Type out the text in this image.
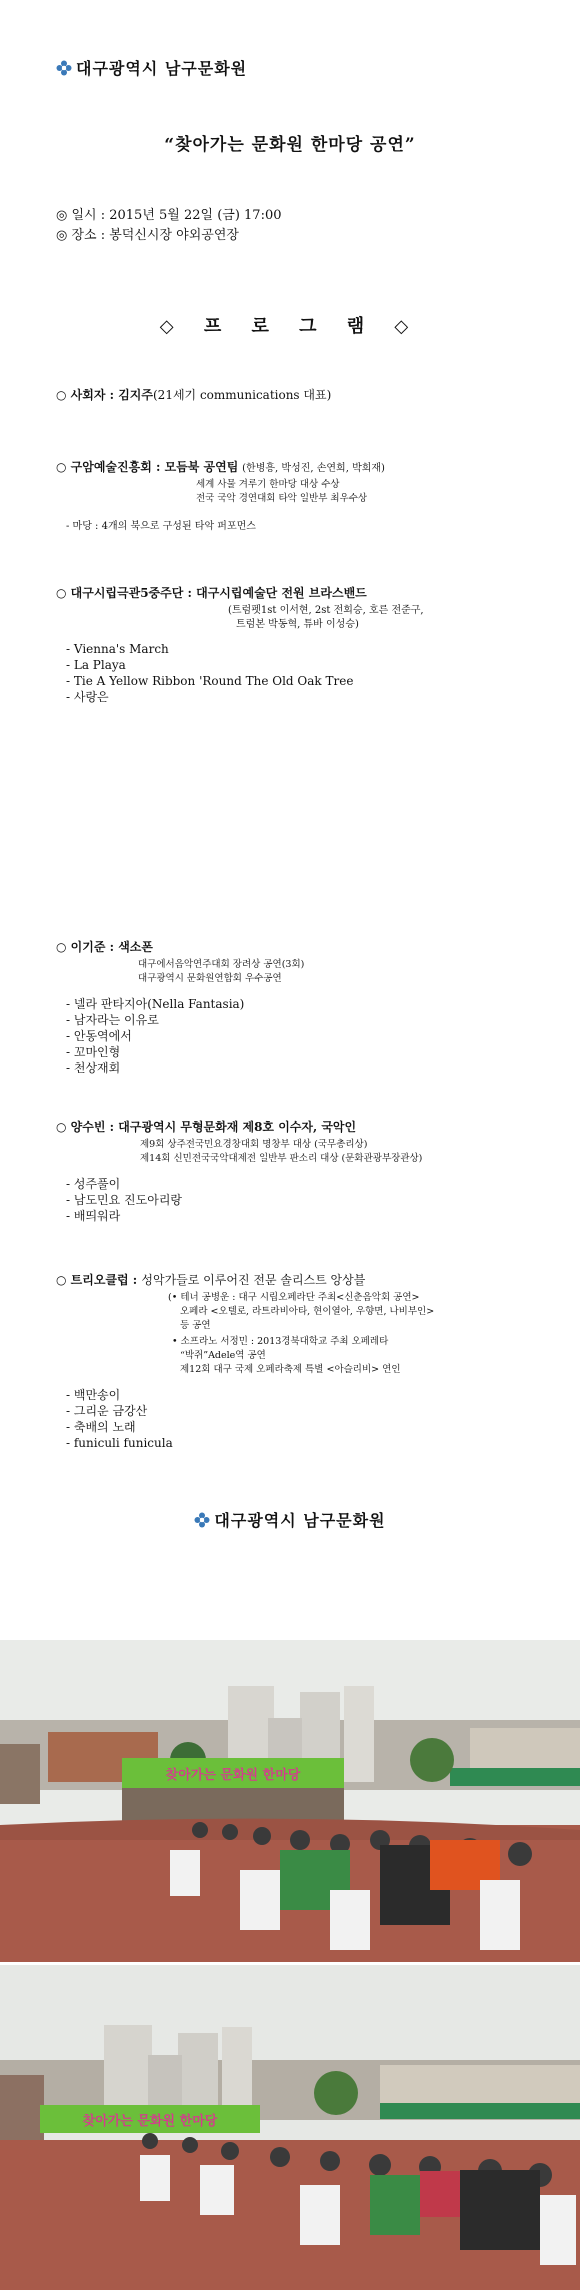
대구광역시 남구문화원
“찾아가는 문화원 한마당 공연”
◎ 일시 : 2015년 5월 22일 (금) 17:00
◎ 장소 : 봉덕신시장 야외공연장
◇ 프 로 그 램 ◇
○ 사회자 : 김지주(21세기 communications 대표)
○ 구암예술진흥회 : 모듬북 공연팀 (한병흥, 박성진, 손연희, 박희재)
세계 사물 겨루기 한마당 대상 수상
전국 국악 경연대회 타악 일반부 최우수상
- 마당 : 4개의 북으로 구성된 타악 퍼포먼스
○ 대구시립극관5중주단 : 대구시립예술단 전원 브라스밴드
(트럼펫1st 이서현, 2st 전회승, 호른 전준구,
트럼본 박동혁, 튜바 이성승)
- Vienna's March
- La Playa
- Tie A Yellow Ribbon 'Round The Old Oak Tree
- 사랑은
○ 이기준 : 색소폰
대구에서음악연주대회 장려상 공연(3회)
대구광역시 문화원연합회 우수공연
- 넬라 판타지아(Nella Fantasia)
- 남자라는 이유로
- 안동역에서
- 꼬마인형
- 천상재회
○ 양수빈 : 대구광역시 무형문화재 제8호 이수자, 국악인
제9회 상주전국민요경창대회 명창부 대상 (국무총리상)
제14회 신민전국국악대제전 일반부 판소리 대상 (문화관광부장관상)
- 성주풀이
- 남도민요 진도아리랑
- 배띄워라
○ 트리오클럽 : 성악가들로 이루어진 전문 솔리스트 앙상블
(• 테너 공병운 : 대구 시립오페라단 주최<신춘음악회 공연>
오페라 <오텔로, 라트라비아타, 현이열아, 우향면, 나비부인>
등 공연
• 소프라노 서정민 : 2013경북대학교 주최 오페레타
“박쥐”Adele역 공연
제12회 대구 국제 오페라축제 특별 <아슬리비> 연인
- 백만송이
- 그리운 금강산
- 축배의 노래
- funiculi funicula
대구광역시 남구문화원
찾아가는 문화원 한마당
찾아가는 문화원 한마당
